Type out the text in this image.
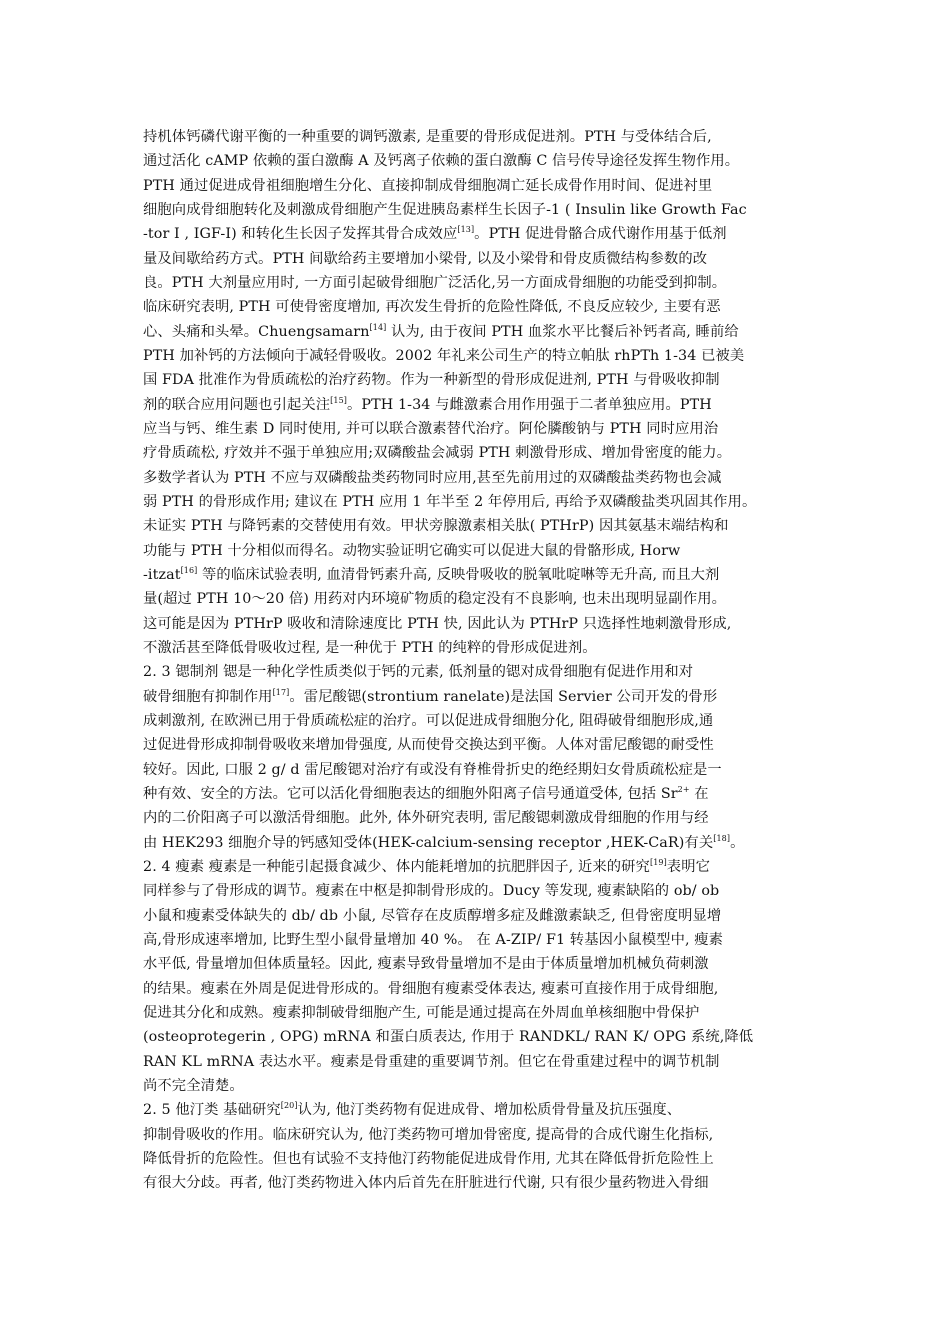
持机体钙磷代谢平衡的一种重要的调钙激素, 是重要的骨形成促进剂。PTH 与受体结合后,
通过活化 cAMP 依赖的蛋白激酶 A 及钙离子依赖的蛋白激酶 C 信号传导途径发挥生物作用。
PTH 通过促进成骨祖细胞增生分化、直接抑制成骨细胞凋亡延长成骨作用时间、促进衬里
细胞向成骨细胞转化及刺激成骨细胞产生促进胰岛素样生长因子-1 ( Insulin like Growth Fac
-tor I , IGF-I) 和转化生长因子发挥其骨合成效应[13]。PTH 促进骨骼合成代谢作用基于低剂
量及间歇给药方式。PTH 间歇给药主要增加小梁骨, 以及小梁骨和骨皮质微结构参数的改
良。PTH 大剂量应用时, 一方面引起破骨细胞广泛活化,另一方面成骨细胞的功能受到抑制。
临床研究表明, PTH 可使骨密度增加, 再次发生骨折的危险性降低, 不良反应较少, 主要有恶
心、头痛和头晕。Chuengsamarn[14] 认为, 由于夜间 PTH 血浆水平比餐后补钙者高, 睡前给
PTH 加补钙的方法倾向于减轻骨吸收。2002 年礼来公司生产的特立帕肽 rhPTh 1-34 已被美
国 FDA 批准作为骨质疏松的治疗药物。作为一种新型的骨形成促进剂, PTH 与骨吸收抑制
剂的联合应用问题也引起关注[15]。PTH 1-34 与雌激素合用作用强于二者单独应用。PTH
应当与钙、维生素 D 同时使用, 并可以联合激素替代治疗。阿伦膦酸钠与 PTH 同时应用治
疗骨质疏松, 疗效并不强于单独应用;双磷酸盐会减弱 PTH 刺激骨形成、增加骨密度的能力。
多数学者认为 PTH 不应与双磷酸盐类药物同时应用,甚至先前用过的双磷酸盐类药物也会减
弱 PTH 的骨形成作用; 建议在 PTH 应用 1 年半至 2 年停用后, 再给予双磷酸盐类巩固其作用。
未证实 PTH 与降钙素的交替使用有效。甲状旁腺激素相关肽( PTHrP) 因其氨基末端结构和
功能与 PTH 十分相似而得名。动物实验证明它确实可以促进大鼠的骨骼形成, Horw
-itzat[16] 等的临床试验表明, 血清骨钙素升高, 反映骨吸收的脱氧吡啶啉等无升高, 而且大剂
量(超过 PTH 10～20 倍) 用药对内环境矿物质的稳定没有不良影响, 也未出现明显副作用。
这可能是因为 PTHrP 吸收和清除速度比 PTH 快, 因此认为 PTHrP 只选择性地刺激骨形成,
不激活甚至降低骨吸收过程, 是一种优于 PTH 的纯粹的骨形成促进剂。
2. 3 锶制剂 锶是一种化学性质类似于钙的元素, 低剂量的锶对成骨细胞有促进作用和对
破骨细胞有抑制作用[17]。雷尼酸锶(strontium ranelate)是法国 Servier 公司开发的骨形
成刺激剂, 在欧洲已用于骨质疏松症的治疗。可以促进成骨细胞分化, 阻碍破骨细胞形成,通
过促进骨形成抑制骨吸收来增加骨强度, 从而使骨交换达到平衡。人体对雷尼酸锶的耐受性
较好。因此, 口服 2 g/ d 雷尼酸锶对治疗有或没有脊椎骨折史的绝经期妇女骨质疏松症是一
种有效、安全的方法。它可以活化骨细胞表达的细胞外阳离子信号通道受体, 包括 $Sr^{2+}$ 在
内的二价阳离子可以激活骨细胞。此外, 体外研究表明, 雷尼酸锶刺激成骨细胞的作用与经
由 HEK293 细胞介导的钙感知受体(HEK-calcium-sensing receptor ,HEK-CaR)有关[18]。
2. 4 瘦素 瘦素是一种能引起摄食减少、体内能耗增加的抗肥胖因子, 近来的研究[19]表明它
同样参与了骨形成的调节。瘦素在中枢是抑制骨形成的。Ducy 等发现, 瘦素缺陷的 ob/ ob
小鼠和瘦素受体缺失的 db/ db 小鼠, 尽管存在皮质醇增多症及雌激素缺乏, 但骨密度明显增
高,骨形成速率增加, 比野生型小鼠骨量增加 40 %。 在 A-ZIP/ F1 转基因小鼠模型中, 瘦素
水平低, 骨量增加但体质量轻。因此, 瘦素导致骨量增加不是由于体质量增加机械负荷刺激
的结果。瘦素在外周是促进骨形成的。骨细胞有瘦素受体表达, 瘦素可直接作用于成骨细胞,
促进其分化和成熟。瘦素抑制破骨细胞产生, 可能是通过提高在外周血单核细胞中骨保护
(osteoprotegerin , OPG) mRNA 和蛋白质表达, 作用于 RANDKL/ RAN K/ OPG 系统,降低
RAN KL mRNA 表达水平。瘦素是骨重建的重要调节剂。但它在骨重建过程中的调节机制
尚不完全清楚。
2. 5 他汀类 基础研究[20]认为, 他汀类药物有促进成骨、增加松质骨骨量及抗压强度、
抑制骨吸收的作用。临床研究认为, 他汀类药物可增加骨密度, 提高骨的合成代谢生化指标,
降低骨折的危险性。但也有试验不支持他汀药物能促进成骨作用, 尤其在降低骨折危险性上
有很大分歧。再者, 他汀类药物进入体内后首先在肝脏进行代谢, 只有很少量药物进入骨细
